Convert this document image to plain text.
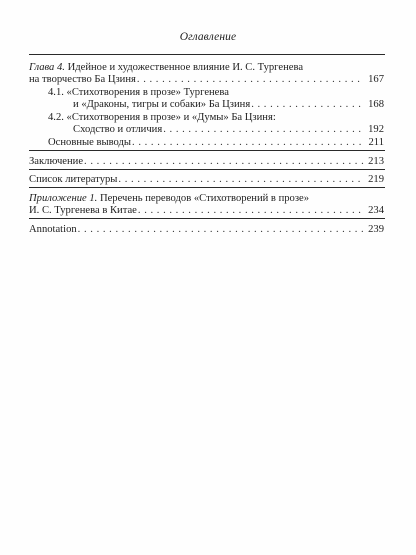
Оглавление
Глава 4. Идейное и художественное влияние И. С. Тургенева
на творчество Ба Цзиня . . .	167
4.1. «Стихотворения в прозе» Тургенева
и «Драконы, тигры и собаки» Ба Цзиня . . .	168
4.2. «Стихотворения в прозе» и «Думы» Ба Цзиня:
Сходство и отличия . . .	192
Основные выводы . . .	211
Заключение . . .	213
Список литературы . . .	219
Приложение 1. Перечень переводов «Стихотворений в прозе»
И. С. Тургенева в Китае . . .	234
Annotation . . .	239
